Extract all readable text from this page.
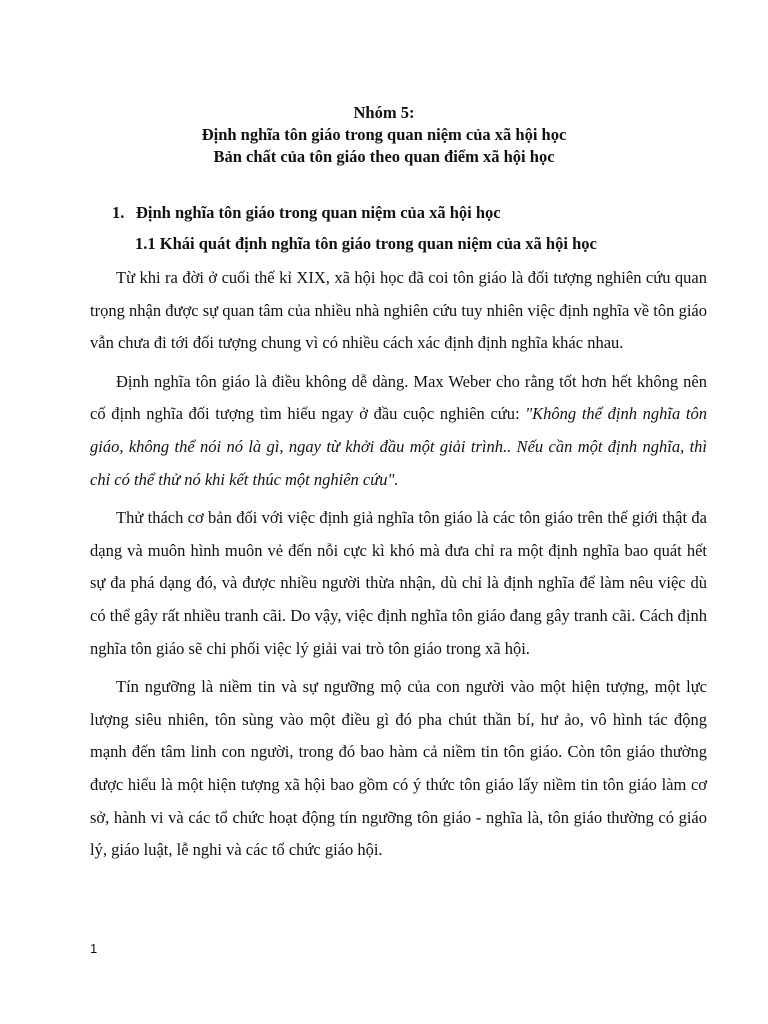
Nhóm 5:
Định nghĩa tôn giáo trong quan niệm của xã hội học
Bản chất của tôn giáo theo quan điểm xã hội học
1. Định nghĩa tôn giáo trong quan niệm của xã hội học
1.1 Khái quát định nghĩa tôn giáo trong quan niệm của xã hội học

Từ khi ra đời ở cuối thế kỉ XIX, xã hội học đã coi tôn giáo là đối tượng nghiên cứu quan trọng nhận được sự quan tâm của nhiều nhà nghiên cứu tuy nhiên việc định nghĩa về tôn giáo vẫn chưa đi tới đối tượng chung vì có nhiều cách xác định định nghĩa khác nhau.

Định nghĩa tôn giáo là điều không dễ dàng. Max Weber cho rằng tốt hơn hết không nên cố định nghĩa đối tượng tìm hiểu ngay ở đầu cuộc nghiên cứu: "Không thể định nghĩa tôn giáo, không thể nói nó là gì, ngay từ khởi đầu một giải trình.. Nếu cần một định nghĩa, thì chỉ có thể thử nó khi kết thúc một nghiên cứu".

Thử thách cơ bản đối với việc định giả nghĩa tôn giáo là các tôn giáo trên thế giới thật đa dạng và muôn hình muôn vẻ đến nỗi cực kì khó mà đưa chỉ ra một định nghĩa bao quát hết sự đa phá dạng đó, và được nhiều người thừa nhận, dù chỉ là định nghĩa để làm nêu việc dù có thể gây rất nhiều tranh cãi. Do vậy, việc định nghĩa tôn giáo đang gây tranh cãi. Cách định nghĩa tôn giáo sẽ chi phối việc lý giải vai trò tôn giáo trong xã hội.

Tín ngưỡng là niềm tin và sự ngưỡng mộ của con người vào một hiện tượng, một lực lượng siêu nhiên, tôn sùng vào một điều gì đó pha chút thần bí, hư ảo, vô hình tác động mạnh đến tâm linh con người, trong đó bao hàm cả niềm tin tôn giáo. Còn tôn giáo thường được hiểu là một hiện tượng xã hội bao gồm có ý thức tôn giáo lấy niềm tin tôn giáo làm cơ sở, hành vi và các tổ chức hoạt động tín ngưỡng tôn giáo - nghĩa là, tôn giáo thường có giáo lý, giáo luật, lễ nghi và các tổ chức giáo hội.

1
